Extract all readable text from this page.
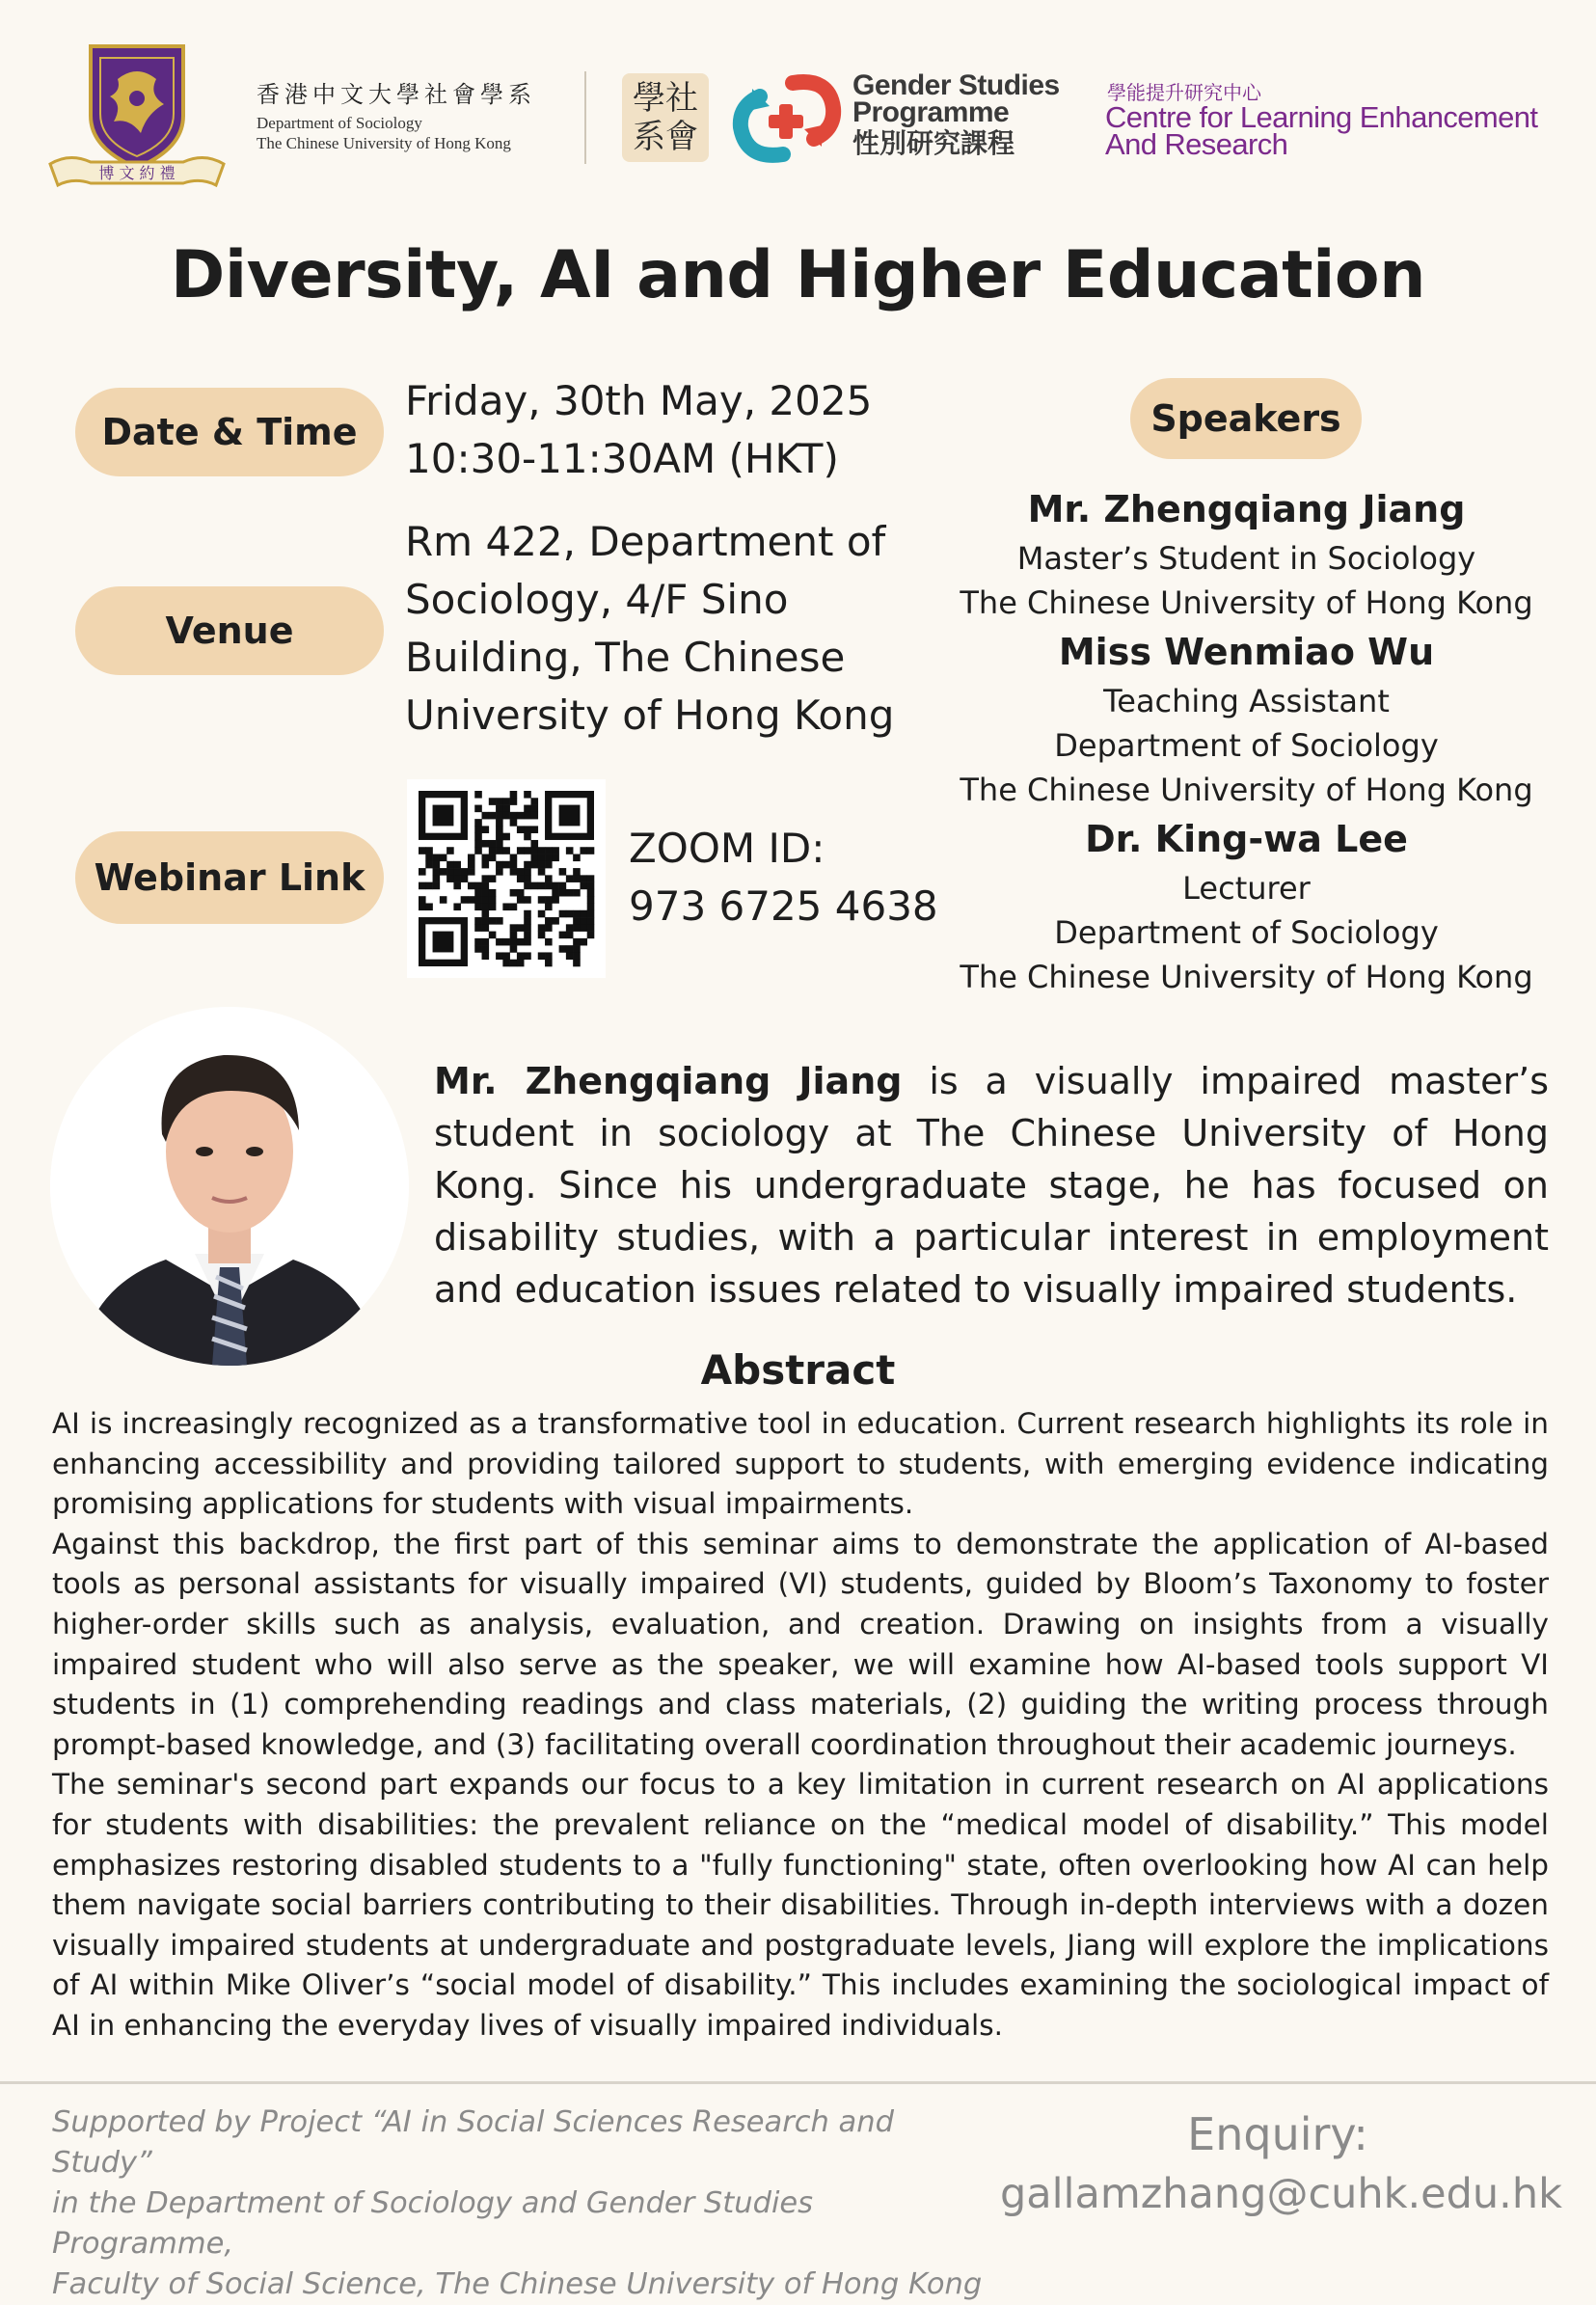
博 文 約 禮
香港中文大學社會學系
Department of Sociology
The Chinese University of Hong Kong
學社
系會
Gender Studies
Programme
性別研究課程
學能提升研究中心
Centre for Learning Enhancement
And Research
Diversity, AI and Higher Education
Date & Time
Friday, 30th May, 2025
10:30-11:30AM (HKT)
Venue
Rm 422, Department of Sociology, 4/F Sino Building, The Chinese University of Hong Kong
Webinar Link
ZOOM ID:
973 6725 4638
Speakers
Mr. Zhengqiang Jiang
Master’s Student in Sociology
The Chinese University of Hong Kong
Miss Wenmiao Wu
Teaching Assistant
Department of Sociology
The Chinese University of Hong Kong
Dr. King-wa Lee
Lecturer
Department of Sociology
The Chinese University of Hong Kong
Mr. Zhengqiang Jiang is a visually impaired master’s student in sociology at The Chinese University of Hong Kong. Since his undergraduate stage, he has focused on disability studies, with a particular interest in employment and education issues related to visually impaired students.
Abstract

AI is increasingly recognized as a transformative tool in education. Current research highlights its role in enhancing accessibility and providing tailored support to students, with emerging evidence indicating promising applications for students with visual impairments.

Against this backdrop, the first part of this seminar aims to demonstrate the application of AI-based tools as personal assistants for visually impaired (VI) students, guided by Bloom’s Taxonomy to foster higher-order skills such as analysis, evaluation, and creation. Drawing on insights from a visually impaired student who will also serve as the speaker, we will examine how AI-based tools support VI students in (1) comprehending readings and class materials, (2) guiding the writing process through prompt-based knowledge, and (3) facilitating overall coordination throughout their academic journeys.

The seminar's second part expands our focus to a key limitation in current research on AI applications for students with disabilities: the prevalent reliance on the “medical model of disability.” This model emphasizes restoring disabled students to a "fully functioning" state, often overlooking how AI can help them navigate social barriers contributing to their disabilities. Through in-depth interviews with a dozen visually impaired students at undergraduate and postgraduate levels, Jiang will explore the implications of AI within Mike Oliver’s “social model of disability.” This includes examining the sociological impact of AI in enhancing the everyday lives of visually impaired individuals.

Supported by Project “AI in Social Sciences Research and Study”
in the Department of Sociology and Gender Studies Programme,
Faculty of Social Science, The Chinese University of Hong Kong
Enquiry:
gallamzhang@cuhk.edu.hk
